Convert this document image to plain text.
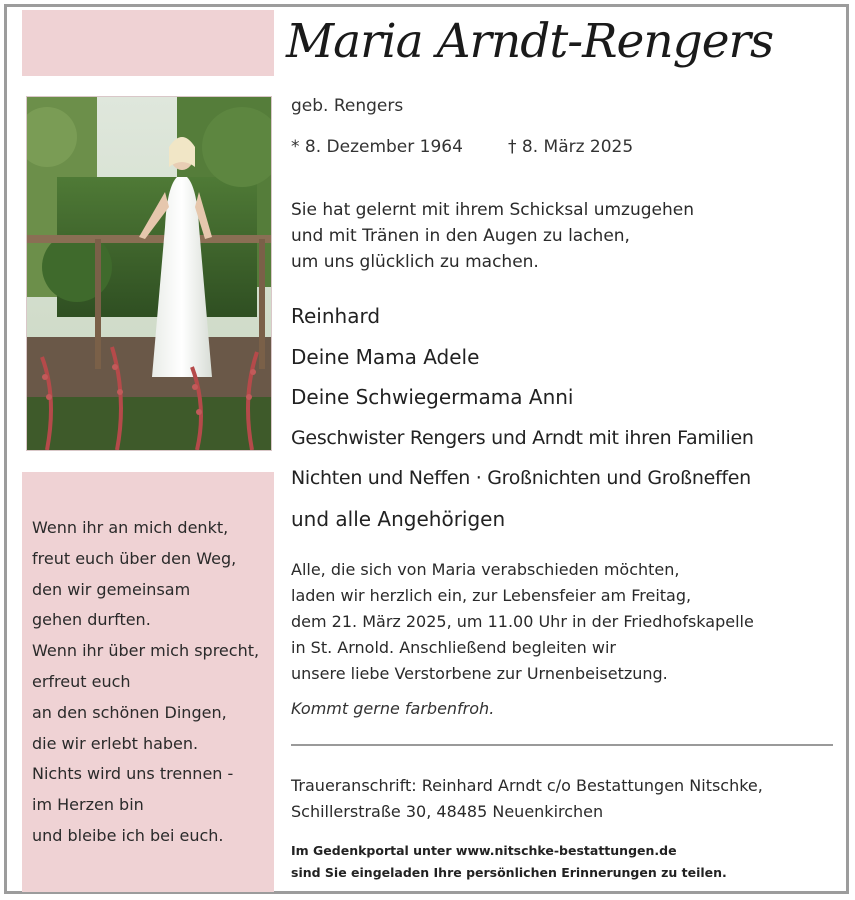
Wenn ihr an mich denkt,
freut euch über den Weg,
den wir gemeinsam
gehen durften.
Wenn ihr über mich sprecht,
erfreut euch
an den schönen Dingen,
die wir erlebt haben.
Nichts wird uns trennen -
im Herzen bin
und bleibe ich bei euch.
Maria Arndt-Rengers
geb. Rengers
* 8. Dezember 1964	† 8. März 2025
Sie hat gelernt mit ihrem Schicksal umzugehen
und mit Tränen in den Augen zu lachen,
um uns glücklich zu machen.
Reinhard
Deine Mama Adele
Deine Schwiegermama Anni
Geschwister Rengers und Arndt mit ihren Familien
Nichten und Neffen · Großnichten und Großneffen
und alle Angehörigen
Alle, die sich von Maria verabschieden möchten,
laden wir herzlich ein, zur Lebensfeier am Freitag,
dem 21. März 2025, um 11.00 Uhr in der Friedhofskapelle
in St. Arnold. Anschließend begleiten wir
unsere liebe Verstorbene zur Urnenbeisetzung.
Kommt gerne farbenfroh.
Traueranschrift: Reinhard Arndt c/o Bestattungen Nitschke,
Schillerstraße 30, 48485 Neuenkirchen
Im Gedenkportal unter www.nitschke-bestattungen.de
sind Sie eingeladen Ihre persönlichen Erinnerungen zu teilen.
